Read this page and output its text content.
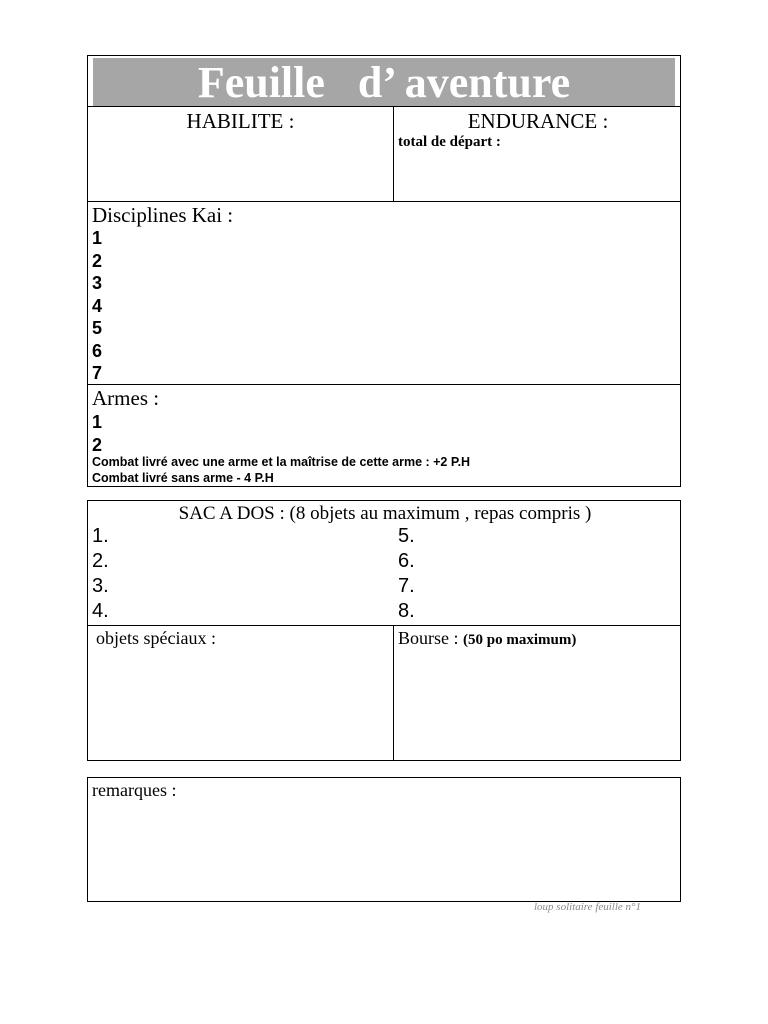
Feuille   d’ aventure
HABILITE :	ENDURANCE :
total de départ :
Disciplines Kai :
1
2
3
4
5
6
7
Armes :
1
2
Combat livré avec une arme et la maîtrise de cette arme : +2 P.H
Combat livré sans arme - 4 P.H
SAC A DOS : (8 objets au maximum , repas compris )
1.
2.
3.
4.
5.
6.
7.
8.
objets spéciaux :	Bourse : (50 po maximum)
remarques :
loup solitaire feuille n°1
